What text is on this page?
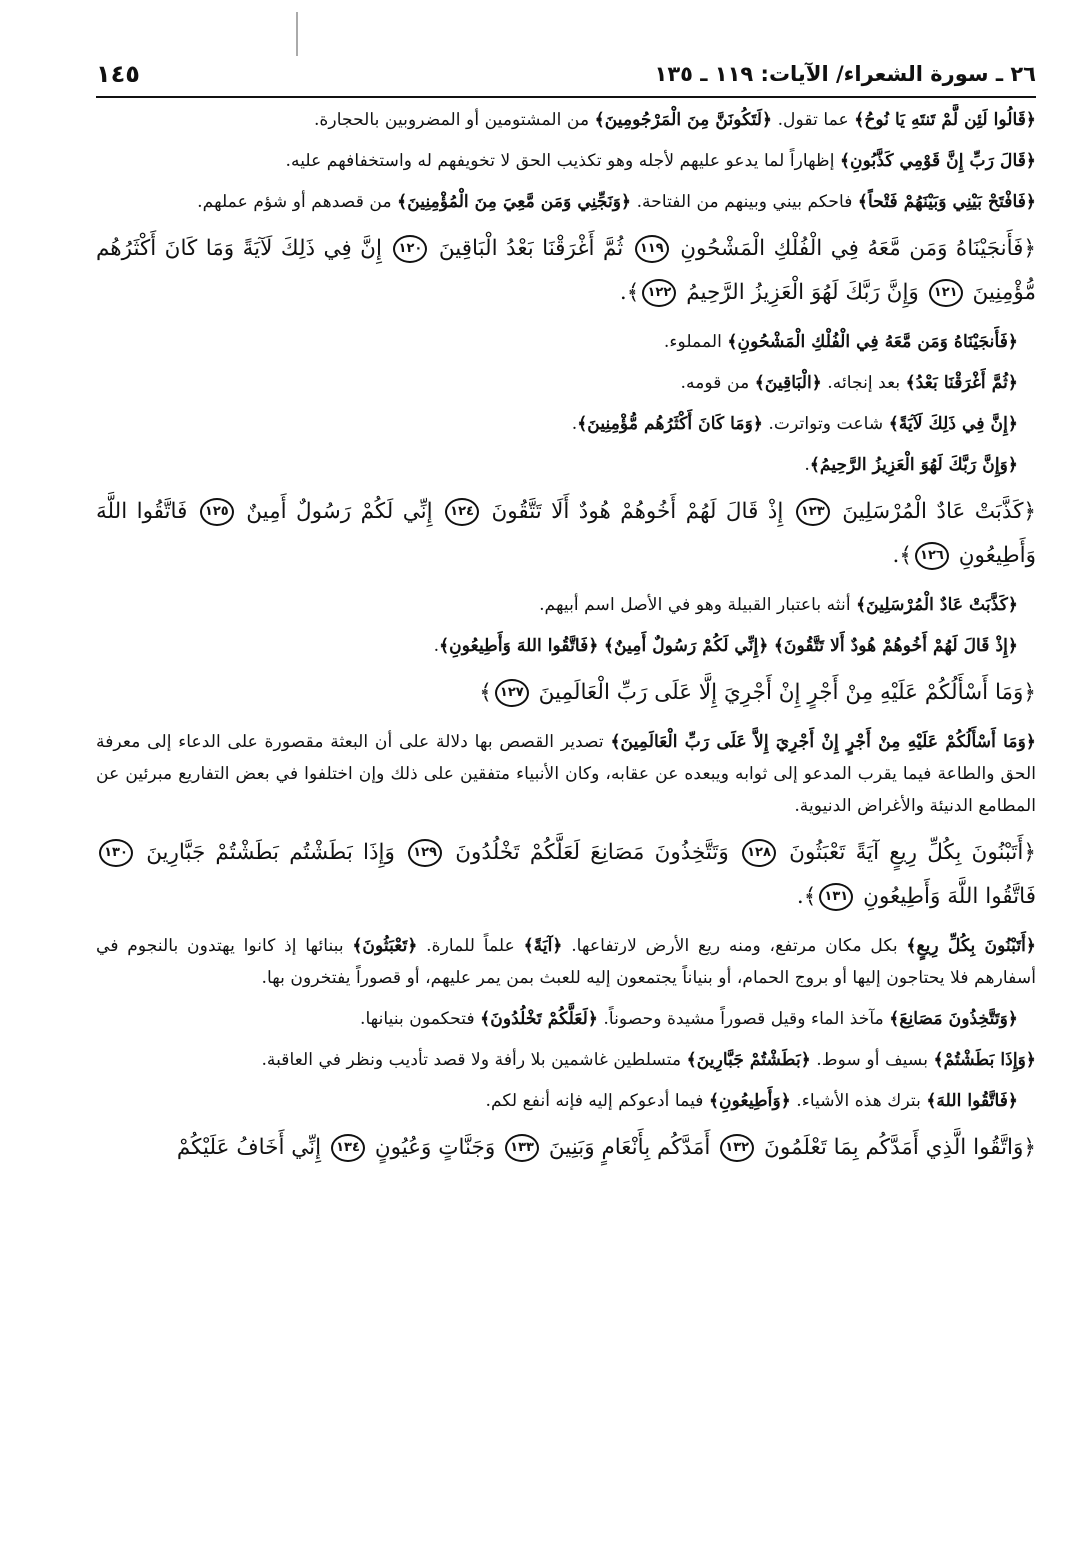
٢٦ ـ سورة الشعراء/ الآيات: ١١٩ ـ ١٣٥
١٤٥

﴿قَالُوا لَئِن لَّمْ تَنتَهِ يَا نُوحُ﴾ عما تقول. ﴿لَتَكُونَنَّ مِنَ الْمَرْجُومِينَ﴾ من المشتومين أو المضروبين بالحجارة.

﴿قَالَ رَبِّ إِنَّ قَوْمِي كَذَّبُونِ﴾ إظهاراً لما يدعو عليهم لأجله وهو تكذيب الحق لا تخويفهم له واستخفافهم عليه.

﴿فَافْتَحْ بَيْنِي وَبَيْنَهُمْ فَتْحاً﴾ فاحكم بيني وبينهم من الفتاحة. ﴿وَنَجِّنِي وَمَن مَّعِيَ مِنَ الْمُؤْمِنِينَ﴾ من قصدهم أو شؤم عملهم.

﴿فَأَنجَيْنَاهُ وَمَن مَّعَهُ فِي الْفُلْكِ الْمَشْحُونِ ١١٩ ثُمَّ أَغْرَقْنَا بَعْدُ الْبَاقِينَ ١٢٠ إِنَّ فِي ذَلِكَ لَآيَةً وَمَا كَانَ أَكْثَرُهُم مُّؤْمِنِينَ ١٢١ وَإِنَّ رَبَّكَ لَهُوَ الْعَزِيزُ الرَّحِيمُ ١٢٢﴾.

﴿فَأَنجَيْنَاهُ وَمَن مَّعَهُ فِي الْفُلْكِ الْمَشْحُونِ﴾ المملوء.

﴿ثُمَّ أَغْرَقْنَا بَعْدُ﴾ بعد إنجائه. ﴿الْبَاقِينَ﴾ من قومه.

﴿إِنَّ فِي ذَلِكَ لَآيَةً﴾ شاعت وتواترت. ﴿وَمَا كَانَ أَكْثَرُهُم مُّؤْمِنِينَ﴾.

﴿وَإِنَّ رَبَّكَ لَهُوَ الْعَزِيزُ الرَّحِيمُ﴾.

﴿كَذَّبَتْ عَادٌ الْمُرْسَلِينَ ١٢٣ إِذْ قَالَ لَهُمْ أَخُوهُمْ هُودٌ أَلَا تَتَّقُونَ ١٢٤ إِنِّي لَكُمْ رَسُولٌ أَمِينٌ ١٢٥ فَاتَّقُوا اللَّهَ وَأَطِيعُونِ ١٢٦﴾.

﴿كَذَّبَتْ عَادٌ الْمُرْسَلِينَ﴾ أنثه باعتبار القبيلة وهو في الأصل اسم أبيهم.

﴿إِذْ قَالَ لَهُمْ أَخُوهُمْ هُودٌ أَلا تَتَّقُونَ﴾ ﴿إِنِّي لَكُمْ رَسُولٌ أَمِينٌ﴾ ﴿فَاتَّقُوا اللهَ وَأَطِيعُونِ﴾.

﴿وَمَا أَسْأَلُكُمْ عَلَيْهِ مِنْ أَجْرٍ إِنْ أَجْرِيَ إِلَّا عَلَى رَبِّ الْعَالَمِينَ ١٢٧﴾

﴿وَمَا أَسْأَلُكُمْ عَلَيْهِ مِنْ أَجْرٍ إِنْ أَجْرِيَ إِلاَّ عَلَى رَبِّ الْعَالَمِينَ﴾ تصدير القصص بها دلالة على أن البعثة مقصورة على الدعاء إلى معرفة الحق والطاعة فيما يقرب المدعو إلى ثوابه ويبعده عن عقابه، وكان الأنبياء متفقين على ذلك وإن اختلفوا في بعض التفاريع مبرئين عن المطامع الدنيئة والأغراض الدنيوية.

﴿أَتَبْنُونَ بِكُلِّ رِيعٍ آيَةً تَعْبَثُونَ ١٢٨ وَتَتَّخِذُونَ مَصَانِعَ لَعَلَّكُمْ تَخْلُدُونَ ١٢٩ وَإِذَا بَطَشْتُم بَطَشْتُمْ جَبَّارِينَ ١٣٠ فَاتَّقُوا اللَّهَ وَأَطِيعُونِ ١٣١﴾.

﴿أَتَبْنُونَ بِكُلِّ رِيعٍ﴾ بكل مكان مرتفع، ومنه ريع الأرض لارتفاعها. ﴿آيَةً﴾ علماً للمارة. ﴿تَعْبَثُونَ﴾ ببنائها إذ كانوا يهتدون بالنجوم في أسفارهم فلا يحتاجون إليها أو بروج الحمام، أو بنياناً يجتمعون إليه للعبث بمن يمر عليهم، أو قصوراً يفتخرون بها.

﴿وَتَتَّخِذُونَ مَصَانِعَ﴾ مآخذ الماء وقيل قصوراً مشيدة وحصوناً. ﴿لَعَلَّكُمْ تَخْلُدُونَ﴾ فتحكمون بنيانها.

﴿وَإِذَا بَطَشْتُمْ﴾ بسيف أو سوط. ﴿بَطَشْتُمْ جَبَّارِينَ﴾ متسلطين غاشمين بلا رأفة ولا قصد تأديب ونظر في العاقبة.

﴿فَاتَّقُوا اللهَ﴾ بترك هذه الأشياء. ﴿وَأَطِيعُونِ﴾ فيما أدعوكم إليه فإنه أنفع لكم.

﴿وَاتَّقُوا الَّذِي أَمَدَّكُم بِمَا تَعْلَمُونَ ١٣٢ أَمَدَّكُم بِأَنْعَامٍ وَبَنِينَ ١٣٣ وَجَنَّاتٍ وَعُيُونٍ ١٣٤ إِنِّي أَخَافُ عَلَيْكُمْ
